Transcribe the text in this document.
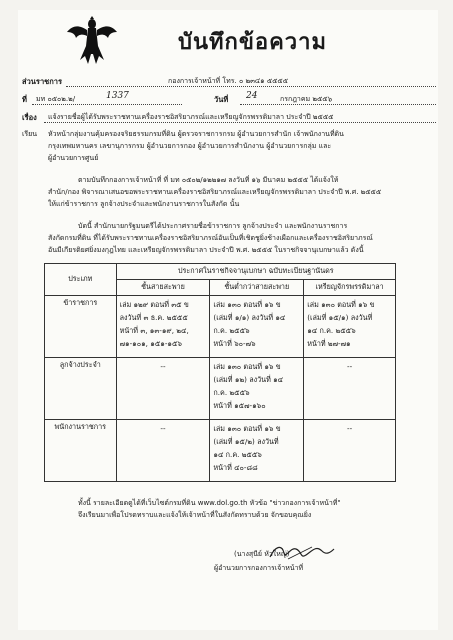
บันทึกข้อความ
ส่วนราชการ	กองการเจ้าหน้าที่ โทร. ๐ ๒๓๔๑ ๕๕๕๕
ที่ มท ๐๕๐๒.๒/	1337	วันที่ 24	กรกฎาคม ๒๕๕๖
เรื่อง แจ้งรายชื่อผู้ได้รับพระราชทานเครื่องราชอิสริยาภรณ์และเหรียญจักรพรรดิมาลา ประจำปี ๒๕๕๕
เรียน หัวหน้ากลุ่มงานคุ้มครองจริยธรรมกรมที่ดิน ผู้ตรวจราชการกรม ผู้อำนวยการสำนัก เจ้าพนักงานที่ดิน
กรุงเทพมหานคร เลขานุการกรม ผู้อำนวยการกอง ผู้อำนวยการสำนักงาน ผู้อำนวยการกลุ่ม และ
ผู้อำนวยการศูนย์
ตามบันทึกกองการเจ้าหน้าที่ ที่ มท ๐๕๐๒/๑๒๒๑๗ ลงวันที่ ๑๖ มีนาคม ๒๕๕๕ ได้แจ้งให้
สำนัก/กอง พิจารณาเสนอขอพระราชทานเครื่องราชอิสริยาภรณ์และเหรียญจักรพรรดิมาลา ประจำปี พ.ศ. ๒๕๕๕
ให้แก่ข้าราชการ ลูกจ้างประจำและพนักงานราชการในสังกัด นั้น
บัดนี้ สำนักนายกรัฐมนตรีได้ประกาศรายชื่อข้าราชการ ลูกจ้างประจำ และพนักงานราชการ
สังกัดกรมที่ดิน ที่ได้รับพระราชทานเครื่องราชอิสริยาภรณ์อันเป็นที่เชิดชูยิ่งช้างเผือกและเครื่องราชอิสริยาภรณ์
อันมีเกียรติยศยิ่งมงกุฎไทย และเหรียญจักรพรรดิมาลา ประจำปี พ.ศ. ๒๕๕๕ ในราชกิจจานุเบกษาแล้ว ดังนี้
ประเภท	ประกาศในราชกิจจานุเบกษา ฉบับทะเบียนฐานันดร		
	ชั้นสายสะพาย	ชั้นต่ำกว่าสายสะพาย	เหรียญจักรพรรดิมาลา
ข้าราชการ	เล่ม ๑๒๙ ตอนที่ ๓๕ ข
ลงวันที่ ๓ ธ.ค. ๒๕๕๕
หน้าที่ ๓, ๑๓-๑๙, ๒๔,
๗๑-๑๐๑, ๑๕๑-๑๕๖	เล่ม ๑๓๐ ตอนที่ ๑๖ ข
(เล่มที่ ๑/๑) ลงวันที่ ๑๔
ก.ค. ๒๕๕๖
หน้าที่ ๖๐-๗๖	เล่ม ๑๓๐ ตอนที่ ๑๖ ข
(เล่มที่ ๑๕/๑) ลงวันที่
๑๔ ก.ค. ๒๕๕๖
หน้าที่ ๒๗-๗๑

ลูกจ้างประจำ	--	เล่ม ๑๓๐ ตอนที่ ๑๖ ข
(เล่มที่ ๑๒) ลงวันที่ ๑๔
ก.ค. ๒๕๕๖
หน้าที่ ๑๕๗-๑๖๐	--

พนักงานราชการ	--	เล่ม ๑๓๐ ตอนที่ ๑๖ ข
(เล่มที่ ๑๕/๒) ลงวันที่
๑๔ ก.ค. ๒๕๕๖
หน้าที่ ๔๐-๘๘	--
ทั้งนี้ รายละเอียดดูได้ที่เว็บไซต์กรมที่ดิน www.dol.go.th หัวข้อ "ข่าวกองการเจ้าหน้าที่"
จึงเรียนมาเพื่อโปรดทราบและแจ้งให้เจ้าหน้าที่ในสังกัดทราบด้วย จักขอบคุณยิ่ง
(นางสุนีย์ หัวใหญ่)
ผู้อำนวยการกองการเจ้าหน้าที่
